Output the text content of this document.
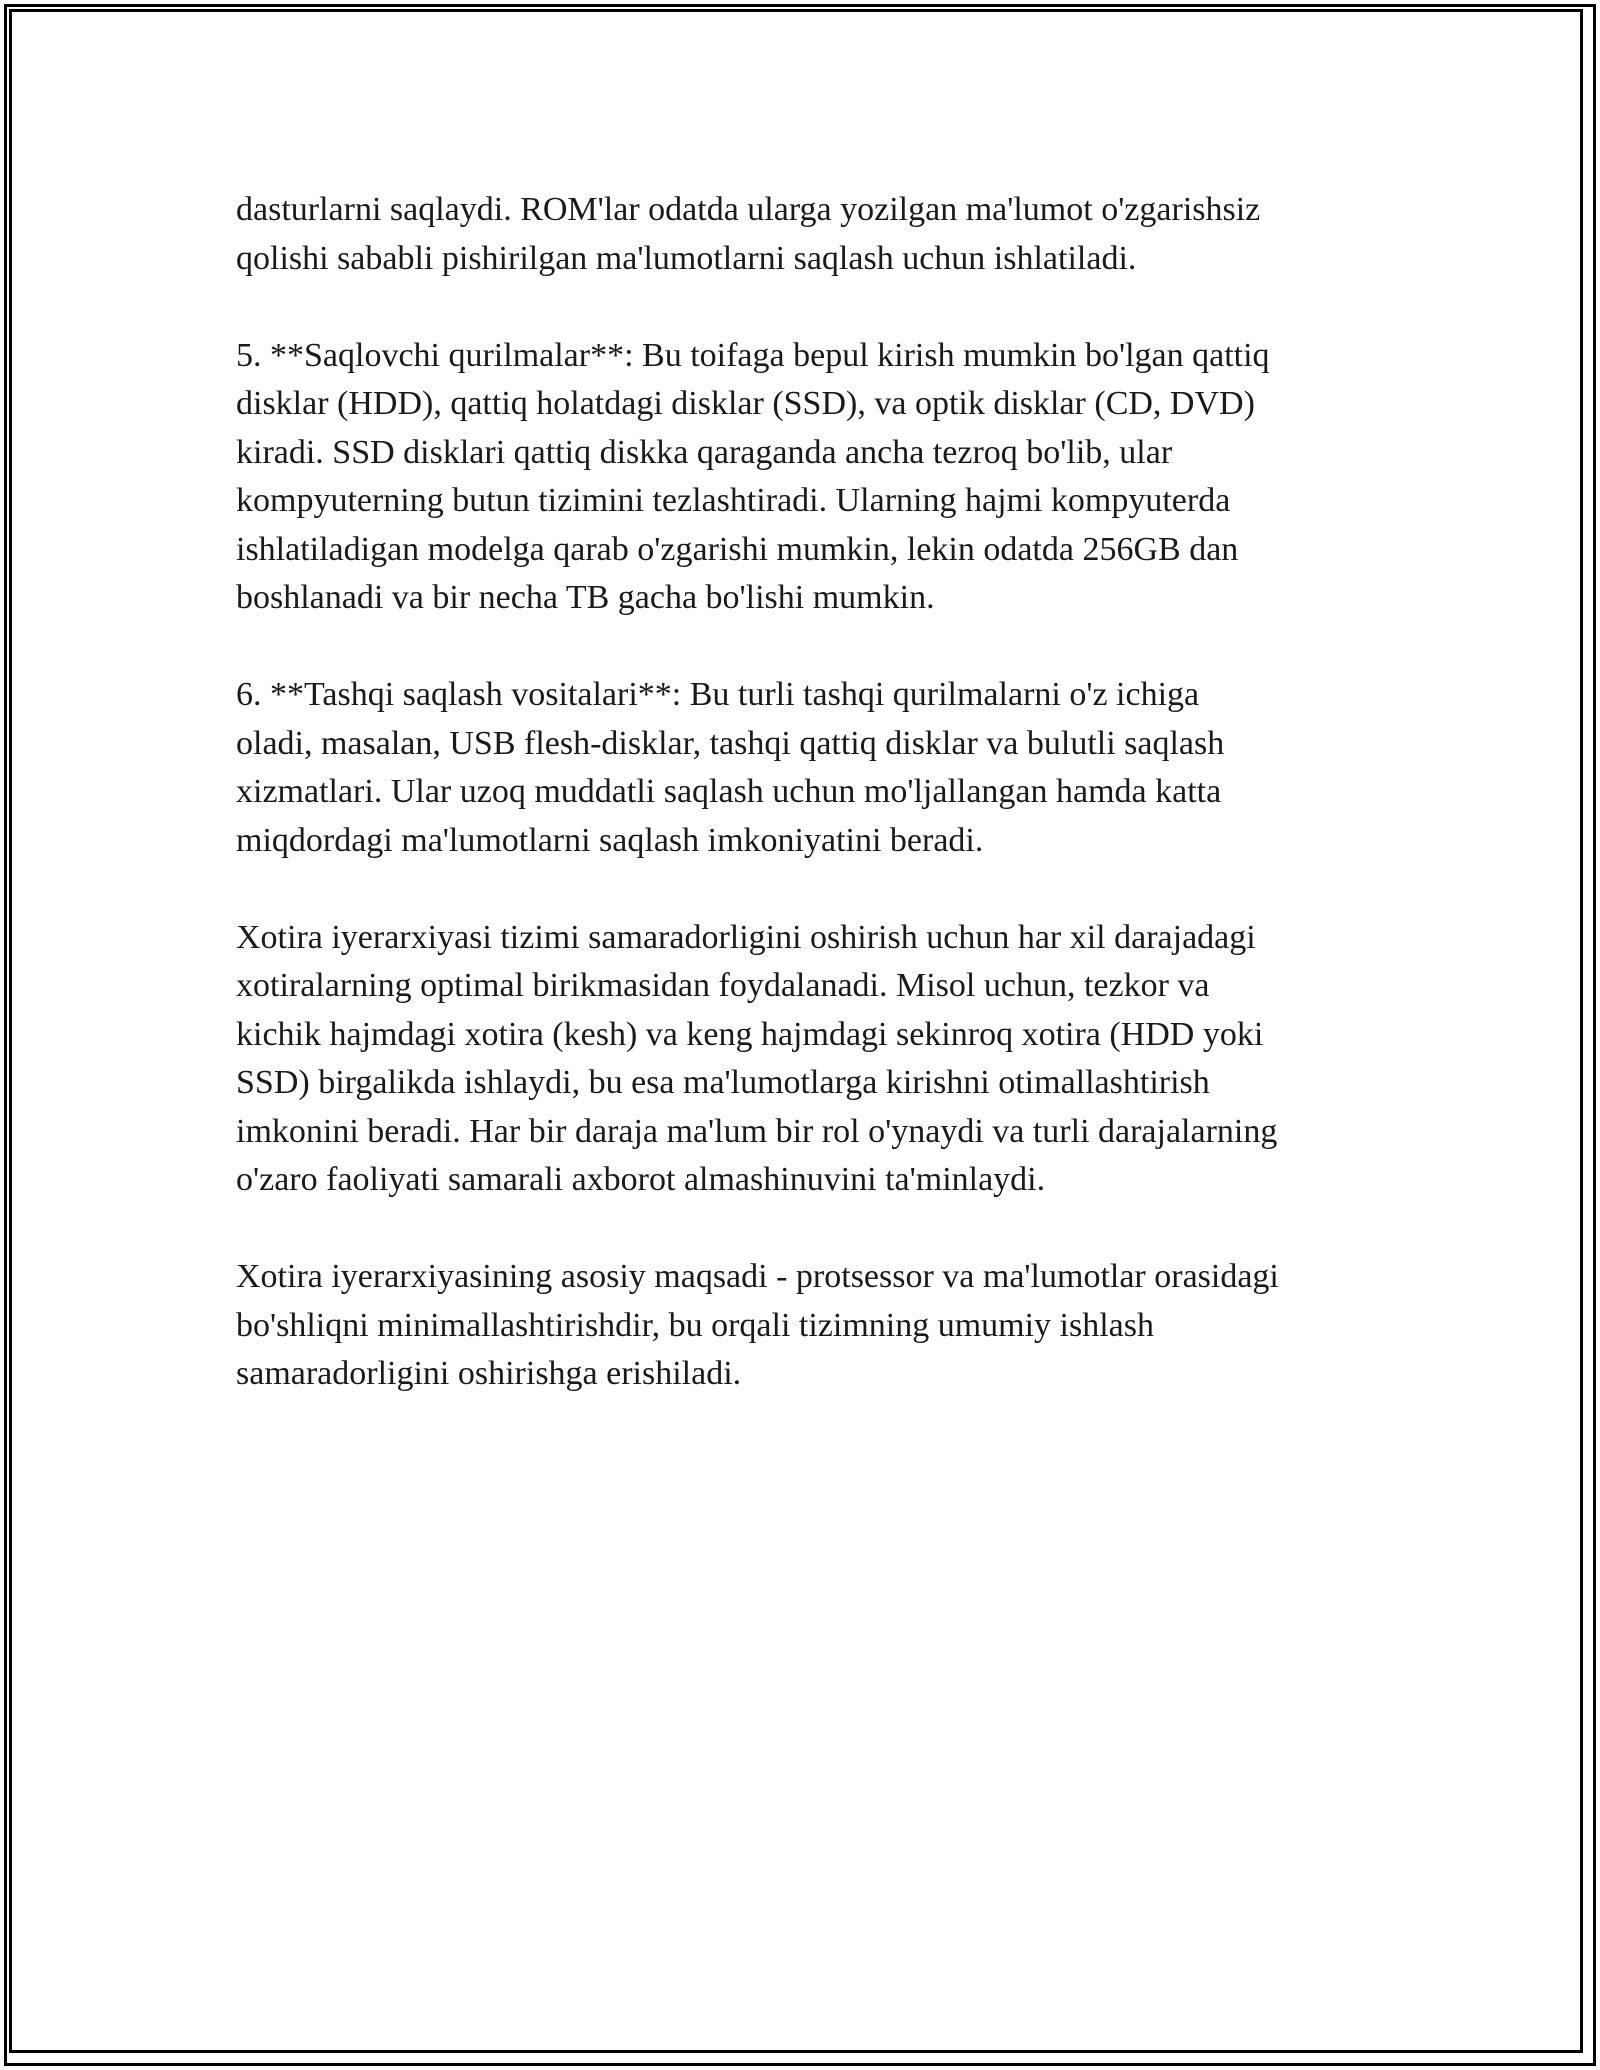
dasturlarni saqlaydi. ROM'lar odatda ularga yozilgan ma'lumot o'zgarishsiz
qolishi sababli pishirilgan ma'lumotlarni saqlash uchun ishlatiladi.

5. **Saqlovchi qurilmalar**: Bu toifaga bepul kirish mumkin bo'lgan qattiq
disklar (HDD), qattiq holatdagi disklar (SSD), va optik disklar (CD, DVD)
kiradi. SSD disklari qattiq diskka qaraganda ancha tezroq bo'lib, ular
kompyuterning butun tizimini tezlashtiradi. Ularning hajmi kompyuterda
ishlatiladigan modelga qarab o'zgarishi mumkin, lekin odatda 256GB dan
boshlanadi va bir necha TB gacha bo'lishi mumkin.

6. **Tashqi saqlash vositalari**: Bu turli tashqi qurilmalarni o'z ichiga
oladi, masalan, USB flesh-disklar, tashqi qattiq disklar va bulutli saqlash
xizmatlari. Ular uzoq muddatli saqlash uchun mo'ljallangan hamda katta
miqdordagi ma'lumotlarni saqlash imkoniyatini beradi.

Xotira iyerarxiyasi tizimi samaradorligini oshirish uchun har xil darajadagi
xotiralarning optimal birikmasidan foydalanadi. Misol uchun, tezkor va
kichik hajmdagi xotira (kesh) va keng hajmdagi sekinroq xotira (HDD yoki
SSD) birgalikda ishlaydi, bu esa ma'lumotlarga kirishni otimallashtirish
imkonini beradi. Har bir daraja ma'lum bir rol o'ynaydi va turli darajalarning
o'zaro faoliyati samarali axborot almashinuvini ta'minlaydi.

Xotira iyerarxiyasining asosiy maqsadi - protsessor va ma'lumotlar orasidagi
bo'shliqni minimallashtirishdir, bu orqali tizimning umumiy ishlash
samaradorligini oshirishga erishiladi.
